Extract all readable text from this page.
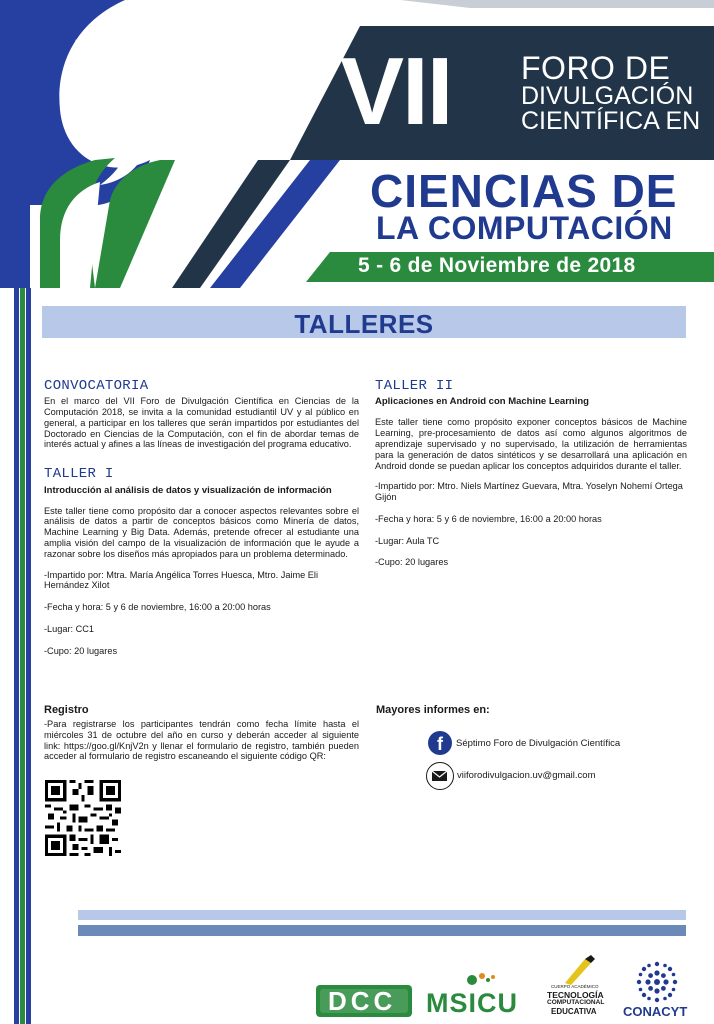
VII FORO DE
DIVULGACIÓN
CIENTÍFICA EN
CIENCIAS DE
LA COMPUTACIÓN
5 - 6 de Noviembre de 2018
TALLERES
CONVOCATORIA
En el marco del VII Foro de Divulgación Científica en Ciencias de la Computación 2018, se invita a la comunidad estudiantil UV y al público en general, a participar en los talleres que serán impartidos por estudiantes del Doctorado en Ciencias de la Computación, con el fin de abordar temas de interés actual y afines a las líneas de investigación del programa educativo.
TALLER I
Introducción al análisis de datos y visualización de información
Este taller tiene como propósito dar a conocer aspectos relevantes sobre el análisis de datos a partir de conceptos básicos como Minería de datos, Machine Learning y Big Data. Además, pretende ofrecer al estudiante una amplia visión del campo de la visualización de información que le ayude a razonar sobre los diseños más apropiados para un problema determinado.
-Impartido por: Mtra. María Angélica Torres Huesca, Mtro. Jaime Eli Hernández Xilot
-Fecha y hora: 5 y 6 de noviembre, 16:00 a 20:00 horas
-Lugar: CC1
-Cupo: 20 lugares
TALLER II
Aplicaciones en Android con Machine Learning
Este taller tiene como propósito exponer conceptos básicos de Machine Learning, pre-procesamiento de datos así como algunos algoritmos de aprendizaje supervisado y no supervisado, la utilización de herramientas para la generación de datos sintéticos y se desarrollará una aplicación en Android donde se puedan aplicar los conceptos adquiridos durante el taller.
-Impartido por: Mtro. Niels Martínez Guevara, Mtra. Yoselyn Nohemí Ortega Gijón
-Fecha y hora: 5 y 6 de noviembre, 16:00 a 20:00 horas
-Lugar: Aula TC
-Cupo: 20 lugares
Registro
-Para registrarse los participantes tendrán como fecha límite hasta el miércoles 31 de octubre del año en curso y deberán acceder al siguiente link: https://goo.gl/KnjV2n y llenar el formulario de registro, también pueden acceder al formulario de registro escaneando el siguiente código QR:
Mayores informes en:
f	Séptimo Foro de Divulgación Científica
viiforodivulgacion.uv@gmail.com
DCC MSICU
CUERPO ACADÉMICO
TECNOLOGÍA
COMPUTACIONAL
EDUCATIVA CONACYT
